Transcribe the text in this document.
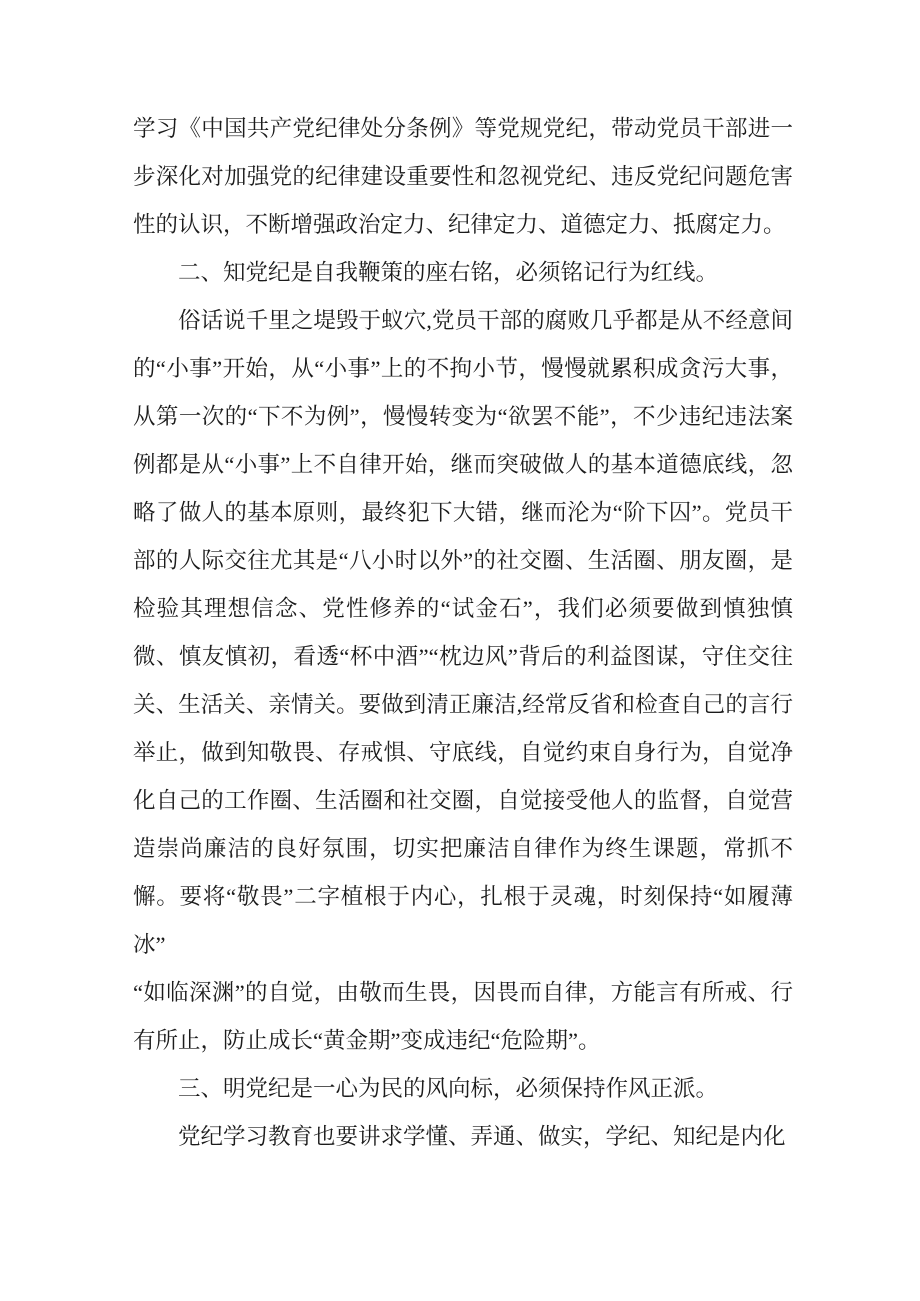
学习《中国共产党纪律处分条例》等党规党纪，带动党员干部进一步深化对加强党的纪律建设重要性和忽视党纪、违反党纪问题危害性的认识，不断增强政治定力、纪律定力、道德定力、抵腐定力。

二、知党纪是自我鞭策的座右铭，必须铭记行为红线。

俗话说千里之堤毁于蚁穴,党员干部的腐败几乎都是从不经意间的“小事”开始，从“小事”上的不拘小节，慢慢就累积成贪污大事，从第一次的“下不为例”，慢慢转变为“欲罢不能”，不少违纪违法案例都是从“小事”上不自律开始，继而突破做人的基本道德底线，忽略了做人的基本原则，最终犯下大错，继而沦为“阶下囚”。党员干部的人际交往尤其是“八小时以外”的社交圈、生活圈、朋友圈，是检验其理想信念、党性修养的“试金石”，我们必须要做到慎独慎微、慎友慎初，看透“杯中酒”“枕边风”背后的利益图谋，守住交往关、生活关、亲情关。要做到清正廉洁,经常反省和检查自己的言行举止，做到知敬畏、存戒惧、守底线，自觉约束自身行为，自觉净化自己的工作圈、生活圈和社交圈，自觉接受他人的监督，自觉营造崇尚廉洁的良好氛围，切实把廉洁自律作为终生课题，常抓不懈。要将“敬畏”二字植根于内心，扎根于灵魂，时刻保持“如履薄冰”

“如临深渊”的自觉，由敬而生畏，因畏而自律，方能言有所戒、行有所止，防止成长“黄金期”变成违纪“危险期”。

三、明党纪是一心为民的风向标，必须保持作风正派。

党纪学习教育也要讲求学懂、弄通、做实，学纪、知纪是内化
